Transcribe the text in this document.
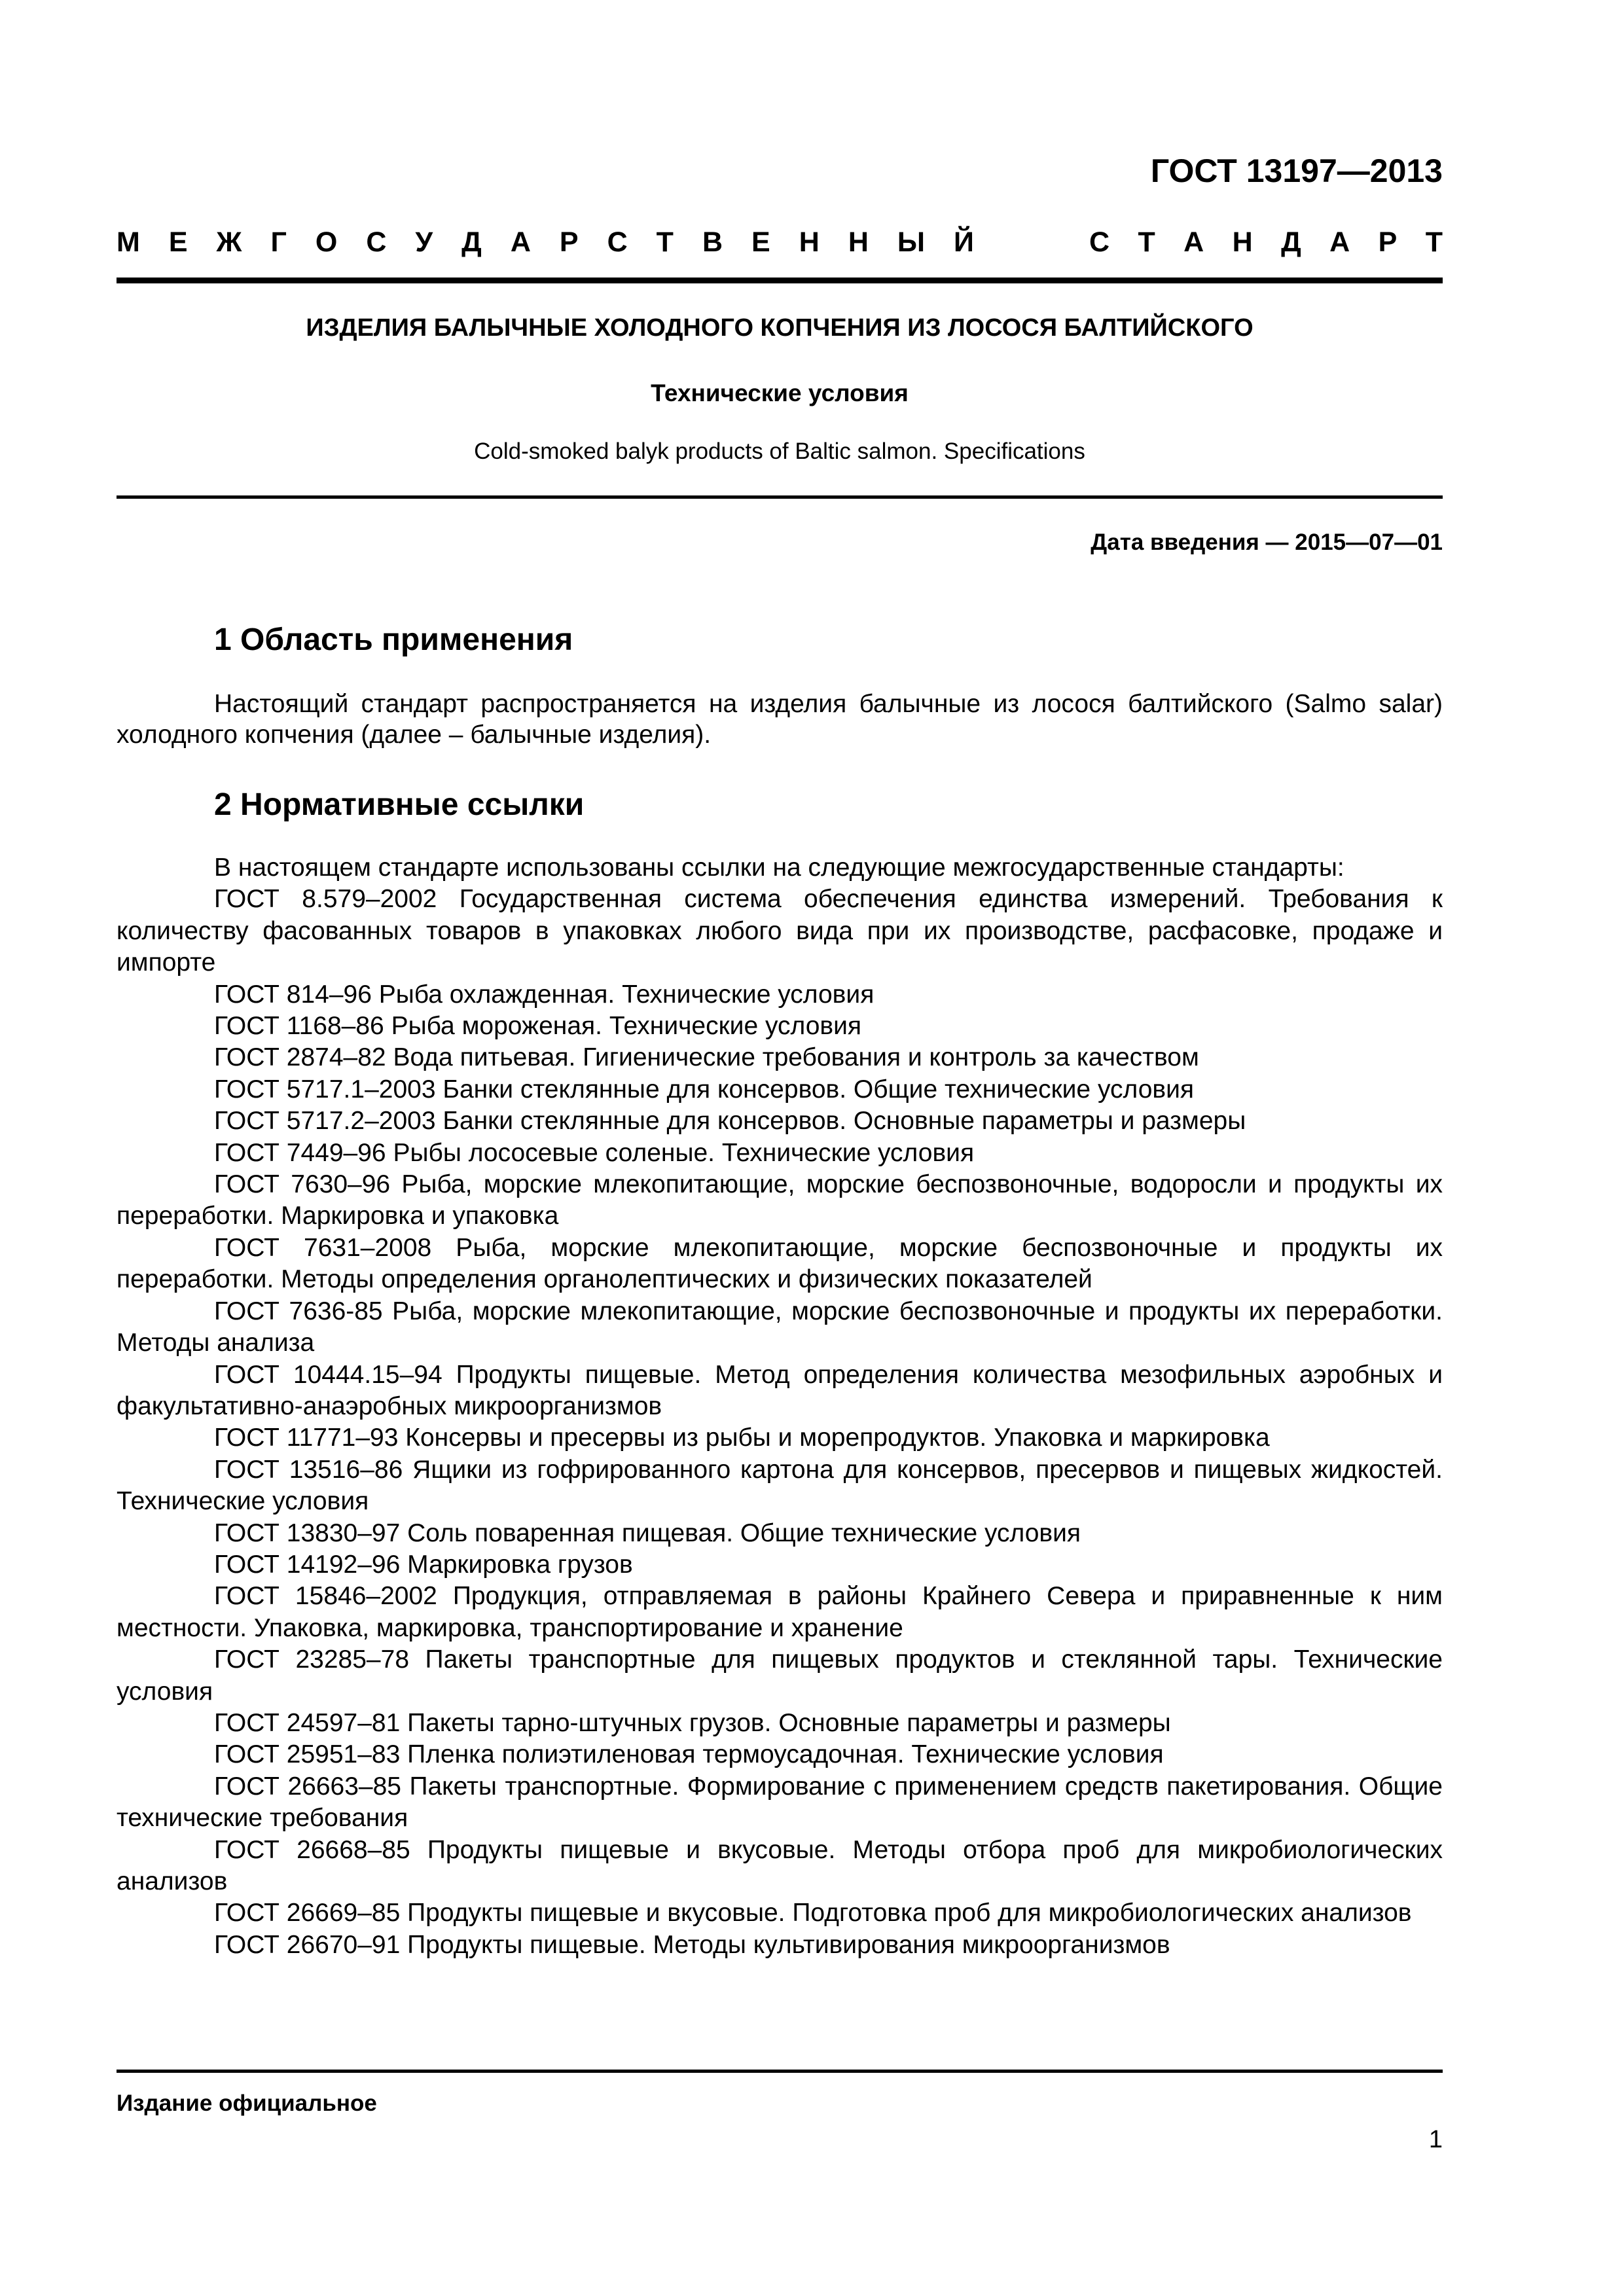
ГОСТ 13197—2013
М Е Ж Г О С У Д А Р С Т В Е Н Н Ы Й	С Т А Н Д А Р Т
ИЗДЕЛИЯ БАЛЫЧНЫЕ ХОЛОДНОГО КОПЧЕНИЯ ИЗ ЛОСОСЯ БАЛТИЙСКОГО
Технические условия
Cold-smoked balyk products of Baltic salmon. Specifications
Дата введения — 2015—07—01
1 Область применения
Настоящий стандарт распространяется на изделия балычные из лосося балтийского (Salmo salar) холодного копчения (далее – балычные изделия).
2 Нормативные ссылки

В настоящем стандарте использованы ссылки на следующие межгосударственные стандарты:

ГОСТ 8.579–2002 Государственная система обеспечения единства измерений. Требования к количеству фасованных товаров в упаковках любого вида при их производстве, расфасовке, продаже и импорте

ГОСТ 814–96 Рыба охлажденная. Технические условия

ГОСТ 1168–86 Рыба мороженая. Технические условия

ГОСТ 2874–82 Вода питьевая. Гигиенические требования и контроль за качеством

ГОСТ 5717.1–2003 Банки стеклянные для консервов. Общие технические условия

ГОСТ 5717.2–2003 Банки стеклянные для консервов. Основные параметры и размеры

ГОСТ 7449–96 Рыбы лососевые соленые. Технические условия

ГОСТ 7630–96 Рыба, морские млекопитающие, морские беспозвоночные, водоросли и продукты их переработки. Маркировка и упаковка

ГОСТ 7631–2008 Рыба, морские млекопитающие, морские беспозвоночные и продукты их переработки. Методы определения органолептических и физических показателей

ГОСТ 7636-85 Рыба, морские млекопитающие, морские беспозвоночные и продукты их переработки. Методы анализа

ГОСТ 10444.15–94 Продукты пищевые. Метод определения количества мезофильных аэробных и факультативно-анаэробных микроорганизмов

ГОСТ 11771–93 Консервы и пресервы из рыбы и морепродуктов. Упаковка и маркировка

ГОСТ 13516–86 Ящики из гофрированного картона для консервов, пресервов и пищевых жидкостей. Технические условия

ГОСТ 13830–97 Соль поваренная пищевая. Общие технические условия

ГОСТ 14192–96 Маркировка грузов

ГОСТ 15846–2002 Продукция, отправляемая в районы Крайнего Севера и приравненные к ним местности. Упаковка, маркировка, транспортирование и хранение

ГОСТ 23285–78 Пакеты транспортные для пищевых продуктов и стеклянной тары. Технические условия

ГОСТ 24597–81 Пакеты тарно-штучных грузов. Основные параметры и размеры

ГОСТ 25951–83 Пленка полиэтиленовая термоусадочная. Технические условия

ГОСТ 26663–85 Пакеты транспортные. Формирование с применением средств пакетирования. Общие технические требования

ГОСТ 26668–85 Продукты пищевые и вкусовые. Методы отбора проб для микробиологических анализов

ГОСТ 26669–85 Продукты пищевые и вкусовые. Подготовка проб для микробиологических анализов

ГОСТ 26670–91 Продукты пищевые. Методы культивирования микроорганизмов

Издание официальное
1
